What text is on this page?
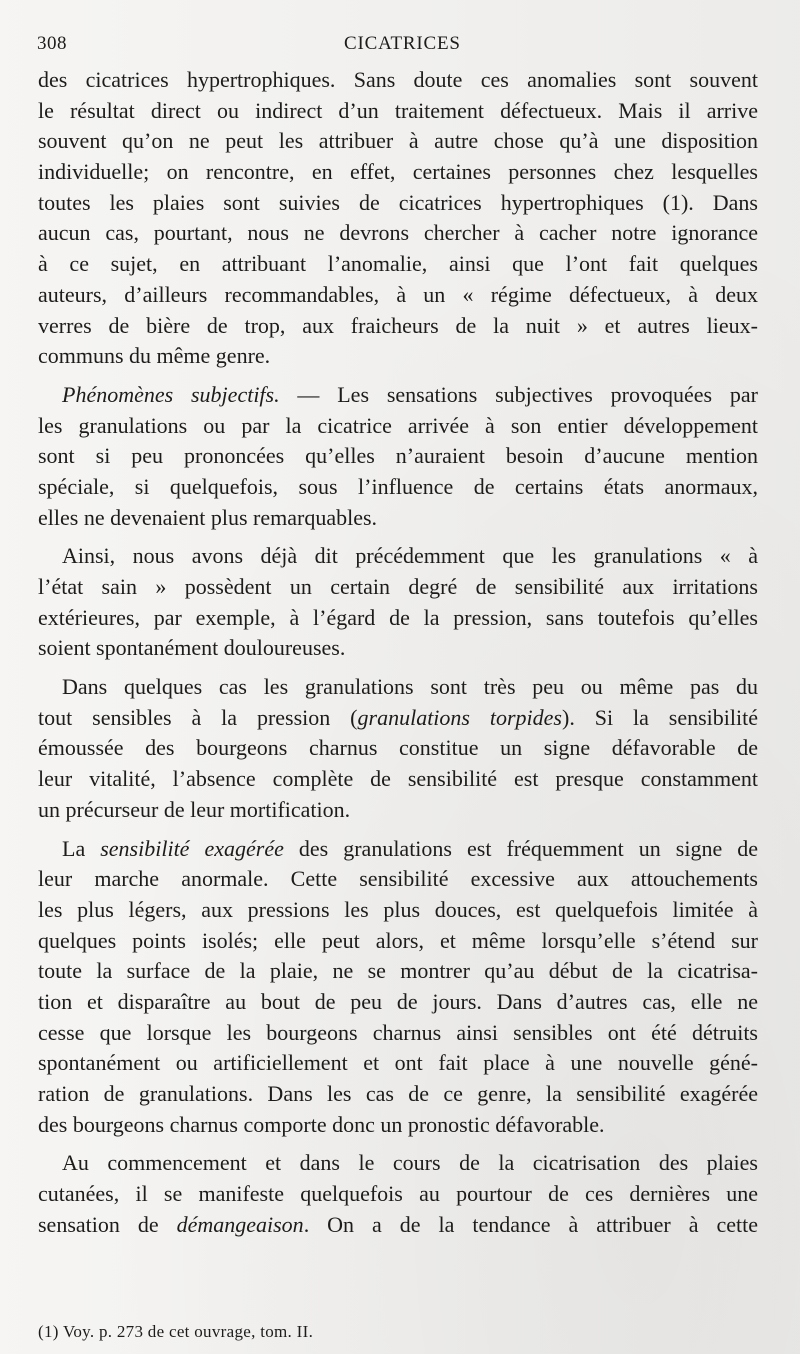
308	CICATRICES
des cicatrices hypertrophiques. Sans doute ces anomalies sont souvent
le résultat direct ou indirect d’un traitement défectueux. Mais il arrive
souvent qu’on ne peut les attribuer à autre chose qu’à une disposition
individuelle; on rencontre, en effet, certaines personnes chez lesquelles
toutes les plaies sont suivies de cicatrices hypertrophiques (1). Dans
aucun cas, pourtant, nous ne devrons chercher à cacher notre ignorance
à ce sujet, en attribuant l’anomalie, ainsi que l’ont fait quelques
auteurs, d’ailleurs recommandables, à un « régime défectueux, à deux
verres de bière de trop, aux fraicheurs de la nuit » et autres lieux-
communs du même genre.
Phénomènes subjectifs. — Les sensations subjectives provoquées par
les granulations ou par la cicatrice arrivée à son entier développement
sont si peu prononcées qu’elles n’auraient besoin d’aucune mention
spéciale, si quelquefois, sous l’influence de certains états anormaux,
elles ne devenaient plus remarquables.
Ainsi, nous avons déjà dit précédemment que les granulations « à
l’état sain » possèdent un certain degré de sensibilité aux irritations
extérieures, par exemple, à l’égard de la pression, sans toutefois qu’elles
soient spontanément douloureuses.
Dans quelques cas les granulations sont très peu ou même pas du
tout sensibles à la pression (granulations torpides). Si la sensibilité
émoussée des bourgeons charnus constitue un signe défavorable de
leur vitalité, l’absence complète de sensibilité est presque constamment
un précurseur de leur mortification.
La sensibilité exagérée des granulations est fréquemment un signe de
leur marche anormale. Cette sensibilité excessive aux attouchements
les plus légers, aux pressions les plus douces, est quelquefois limitée à
quelques points isolés; elle peut alors, et même lorsqu’elle s’étend sur
toute la surface de la plaie, ne se montrer qu’au début de la cicatrisa-
tion et disparaître au bout de peu de jours. Dans d’autres cas, elle ne
cesse que lorsque les bourgeons charnus ainsi sensibles ont été détruits
spontanément ou artificiellement et ont fait place à une nouvelle géné-
ration de granulations. Dans les cas de ce genre, la sensibilité exagérée
des bourgeons charnus comporte donc un pronostic défavorable.
Au commencement et dans le cours de la cicatrisation des plaies
cutanées, il se manifeste quelquefois au pourtour de ces dernières une
sensation de démangeaison. On a de la tendance à attribuer à cette
(1) Voy. p. 273 de cet ouvrage, tom. II.
